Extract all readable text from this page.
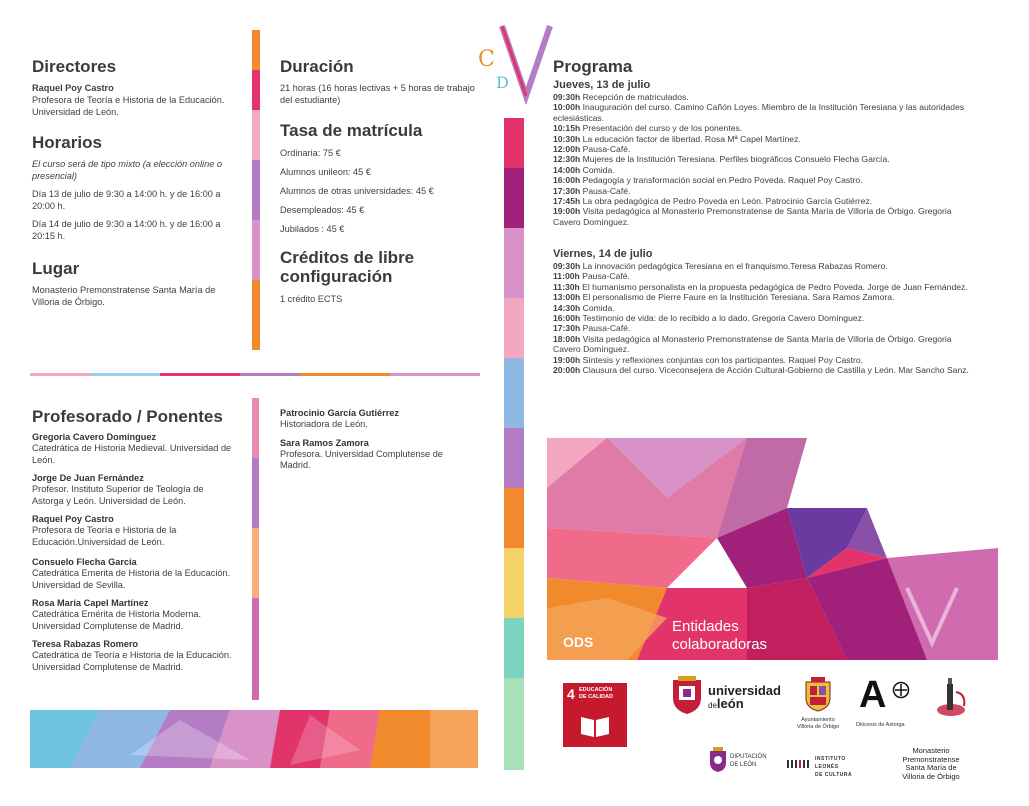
C
D
Directores

Raquel Poy Castro

Profesora de Teoría e Historia de la Educación. Universidad de León.

Horarios

El curso será de tipo mixto (a elección online o presencial)

Día 13 de julio de 9:30 a 14:00 h. y de 16:00 a 20:00 h.

Día 14 de julio de 9:30 a 14:00 h. y de 16:00 a 20:15 h.

Lugar

Monasterio Premonstratense Santa María de Villoria de Órbigo.

Duración

21 horas (16 horas lectivas + 5 horas de trabajo del estudiante)

Tasa de matrícula

Ordinaria: 75 €

Alumnos unileon: 45 €

Alumnos de otras universidades: 45 €

Desempleados: 45 €

Jubilados : 45 €

Créditos de libre configuración

1 crédito ECTS

Profesorado / Ponentes

Gregoria Cavero Domínguez

Catedrática de Historia Medieval. Universidad de León.

Jorge De Juan Fernández

Profesor. Instituto Superior de Teología de Astorga y León. Universidad de León.

Raquel Poy Castro

Profesora de Teoría e Historia de la Educación.Universidad de León.

Consuelo Flecha García

Catedrática Emerita de Historia de la Educación. Universidad de Sevilla.

Rosa María Capel Martínez

Catedrática Emérita de Historia Moderna. Universidad Complutense de Madrid.

Teresa Rabazas Romero

Catedrática de Teoría e Historia de la Educación. Universidad Complutense de Madrid.

Patrocinio García Gutiérrez

Historiadora de León.

Sara Ramos Zamora

Profesora. Universidad Complutense de Madrid.

Programa

Jueves, 13 de julio

09:30h Recepción de matriculados.

10:00h Inauguración del curso. Camino Cañón Loyes. Miembro de la Institución Teresiana y las autoridades eclesiásticas.

10:15h Presentación del curso y de los ponentes.

10:30h La educación factor de libertad. Rosa Mª Capel Martínez.

12:00h Pausa-Café.

12:30h Mujeres de la Institución Teresiana. Perfiles biográficos Consuelo Flecha García.

14:00h Comida.

16:00h Pedagogía y transformación social en Pedro Poveda. Raquel Poy Castro.

17:30h Pausa-Café.

17:45h La obra pedagógica de Pedro Poveda en León. Patrocinio García Gutiérrez.

19:00h Visita pedagógica al Monasterio Premonstratense de Santa María de Villoria de Órbigo. Gregoria Cavero Domínguez.

Viernes, 14 de julio

09:30h La innovación pedagógica Teresiana en el franquismo.Teresa Rabazas Romero.

11:00h Pausa-Café.

11:30h El humanismo personalista en la propuesta pedagógica de Pedro Poveda. Jorge de Juan Fernández.

13:00h El personalismo de Pierre Faure en la Institución Teresiana. Sara Ramos Zamora.

14:30h Comida.

16:00h Testimonio de vida: de lo recibido a lo dado. Gregoria Cavero Domínguez.

17:30h Pausa-Café.

18:00h Visita pedagógica al Monasterio Premonstratense de Santa María de Villoria de Órbigo. Gregoria Cavero Domínguez.

19:00h Síntesis y reflexiones conjuntas con los participantes. Raquel Poy Castro.

20:00h Clausura del curso. Viceconsejera de Acción Cultural-Gobierno de Castilla y León. Mar Sancho Sanz.

ODS
Entidades
colaboradoras
4 EDUCACIÓN
DE CALIDAD	universidad
deleón
Ayuntamiento
Villoria de Órbigo
A
Diócesis de Astorga
DIPUTACIÓN
DE LEÓN
INSTITUTO
LEONÉS
DE CULTURA
Monasterio
Premonstratense
Santa María de
Villoria de Órbigo
